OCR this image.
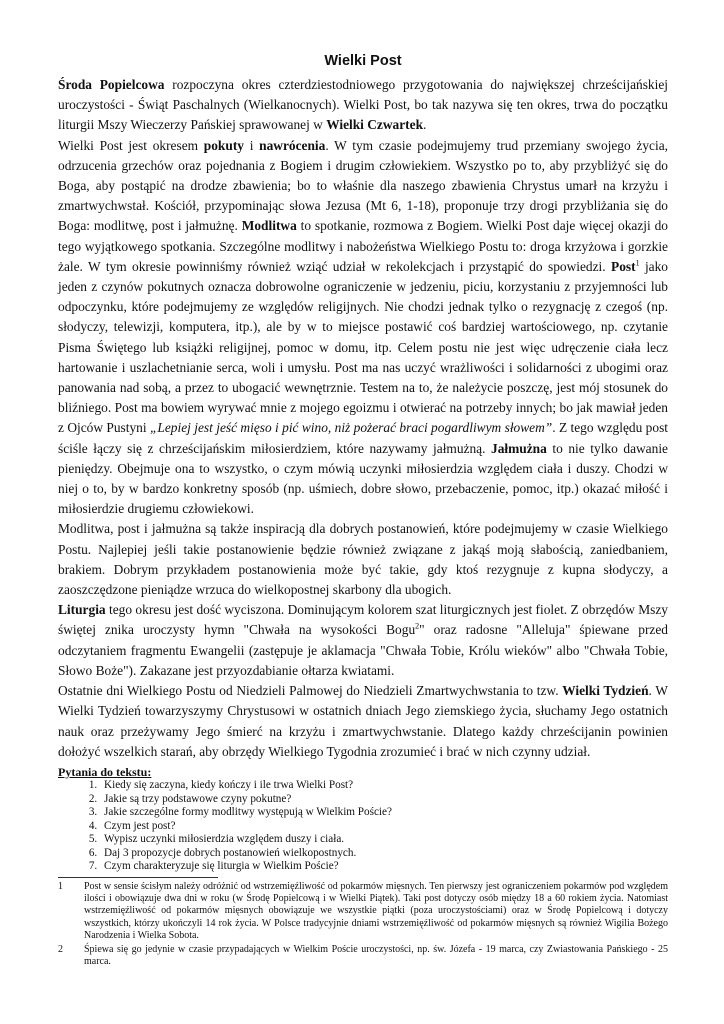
Wielki Post

Środa Popielcowa rozpoczyna okres czterdziestodniowego przygotowania do największej chrześcijańskiej uroczystości - Świąt Paschalnych (Wielkanocnych). Wielki Post, bo tak nazywa się ten okres, trwa do początku liturgii Mszy Wieczerzy Pańskiej sprawowanej w Wielki Czwartek.

Wielki Post jest okresem pokuty i nawrócenia. W tym czasie podejmujemy trud przemiany swojego życia, odrzucenia grzechów oraz pojednania z Bogiem i drugim człowiekiem. Wszystko po to, aby przybliżyć się do Boga, aby postąpić na drodze zbawienia; bo to właśnie dla naszego zbawienia Chrystus umarł na krzyżu i zmartwychwstał. Kościół, przypominając słowa Jezusa (Mt 6, 1-18), proponuje trzy drogi przybliżania się do Boga: modlitwę, post i jałmużnę. Modlitwa to spotkanie, rozmowa z Bogiem. Wielki Post daje więcej okazji do tego wyjątkowego spotkania. Szczególne modlitwy i nabożeństwa Wielkiego Postu to: droga krzyżowa i gorzkie żale. W tym okresie powinniśmy również wziąć udział w rekolekcjach i przystąpić do spowiedzi. Post$^1$ jako jeden z czynów pokutnych oznacza dobrowolne ograniczenie w jedzeniu, piciu, korzystaniu z przyjemności lub odpoczynku, które podejmujemy ze względów religijnych. Nie chodzi jednak tylko o rezygnację z czegoś (np. słodyczy, telewizji, komputera, itp.), ale by w to miejsce postawić coś bardziej wartościowego, np. czytanie Pisma Świętego lub książki religijnej, pomoc w domu, itp. Celem postu nie jest więc udręczenie ciała lecz hartowanie i uszlachetnianie serca, woli i umysłu. Post ma nas uczyć wrażliwości i solidarności z ubogimi oraz panowania nad sobą, a przez to ubogacić wewnętrznie. Testem na to, że należycie poszczę, jest mój stosunek do bliźniego. Post ma bowiem wyrywać mnie z mojego egoizmu i otwierać na potrzeby innych; bo jak mawiał jeden z Ojców Pustyni „Lepiej jest jeść mięso i pić wino, niż pożerać braci pogardliwym słowem”. Z tego względu post ściśle łączy się z chrześcijańskim miłosierdziem, które nazywamy jałmużną. Jałmużna to nie tylko dawanie pieniędzy. Obejmuje ona to wszystko, o czym mówią uczynki miłosierdzia względem ciała i duszy. Chodzi w niej o to, by w bardzo konkretny sposób (np. uśmiech, dobre słowo, przebaczenie, pomoc, itp.) okazać miłość i miłosierdzie drugiemu człowiekowi.

Modlitwa, post i jałmużna są także inspiracją dla dobrych postanowień, które podejmujemy w czasie Wielkiego Postu. Najlepiej jeśli takie postanowienie będzie również związane z jakąś moją słabością, zaniedbaniem, brakiem. Dobrym przykładem postanowienia może być takie, gdy ktoś rezygnuje z kupna słodyczy, a zaoszczędzone pieniądze wrzuca do wielkopostnej skarbony dla ubogich.

Liturgia tego okresu jest dość wyciszona. Dominującym kolorem szat liturgicznych jest fiolet. Z obrzędów Mszy świętej znika uroczysty hymn "Chwała na wysokości Bogu$^2$" oraz radosne "Alleluja" śpiewane przed odczytaniem fragmentu Ewangelii (zastępuje je aklamacja "Chwała Tobie, Królu wieków" albo "Chwała Tobie, Słowo Boże"). Zakazane jest przyozdabianie ołtarza kwiatami.

Ostatnie dni Wielkiego Postu od Niedzieli Palmowej do Niedzieli Zmartwychwstania to tzw. Wielki Tydzień. W Wielki Tydzień towarzyszymy Chrystusowi w ostatnich dniach Jego ziemskiego życia, słuchamy Jego ostatnich nauk oraz przeżywamy Jego śmierć na krzyżu i zmartwychwstanie. Dlatego każdy chrześcijanin powinien dołożyć wszelkich starań, aby obrzędy Wielkiego Tygodnia zrozumieć i brać w nich czynny udział.

Pytania do tekstu:
1. Kiedy się zaczyna, kiedy kończy i ile trwa Wielki Post?
2. Jakie są trzy podstawowe czyny pokutne?
3. Jakie szczególne formy modlitwy występują w Wielkim Poście?
4. Czym jest post?
5. Wypisz uczynki miłosierdzia względem duszy i ciała.
6. Daj 3 propozycje dobrych postanowień wielkopostnych.
7. Czym charakteryzuje się liturgia w Wielkim Poście?
1	Post w sensie ścisłym należy odróżnić od wstrzemięźliwość od pokarmów mięsnych. Ten pierwszy jest ograniczeniem pokarmów pod względem ilości i obowiązuje dwa dni w roku (w Środę Popielcową i w Wielki Piątek). Taki post dotyczy osób między 18 a 60 rokiem życia. Natomiast wstrzemięźliwość od pokarmów mięsnych obowiązuje we wszystkie piątki (poza uroczystościami) oraz w Środę Popielcową i dotyczy wszystkich, którzy ukończyli 14 rok życia. W Polsce tradycyjnie dniami wstrzemięźliwość od pokarmów mięsnych są również Wigilia Bożego Narodzenia i Wielka Sobota.
2	Śpiewa się go jedynie w czasie przypadających w Wielkim Poście uroczystości, np. św. Józefa - 19 marca, czy Zwiastowania Pańskiego - 25 marca.
